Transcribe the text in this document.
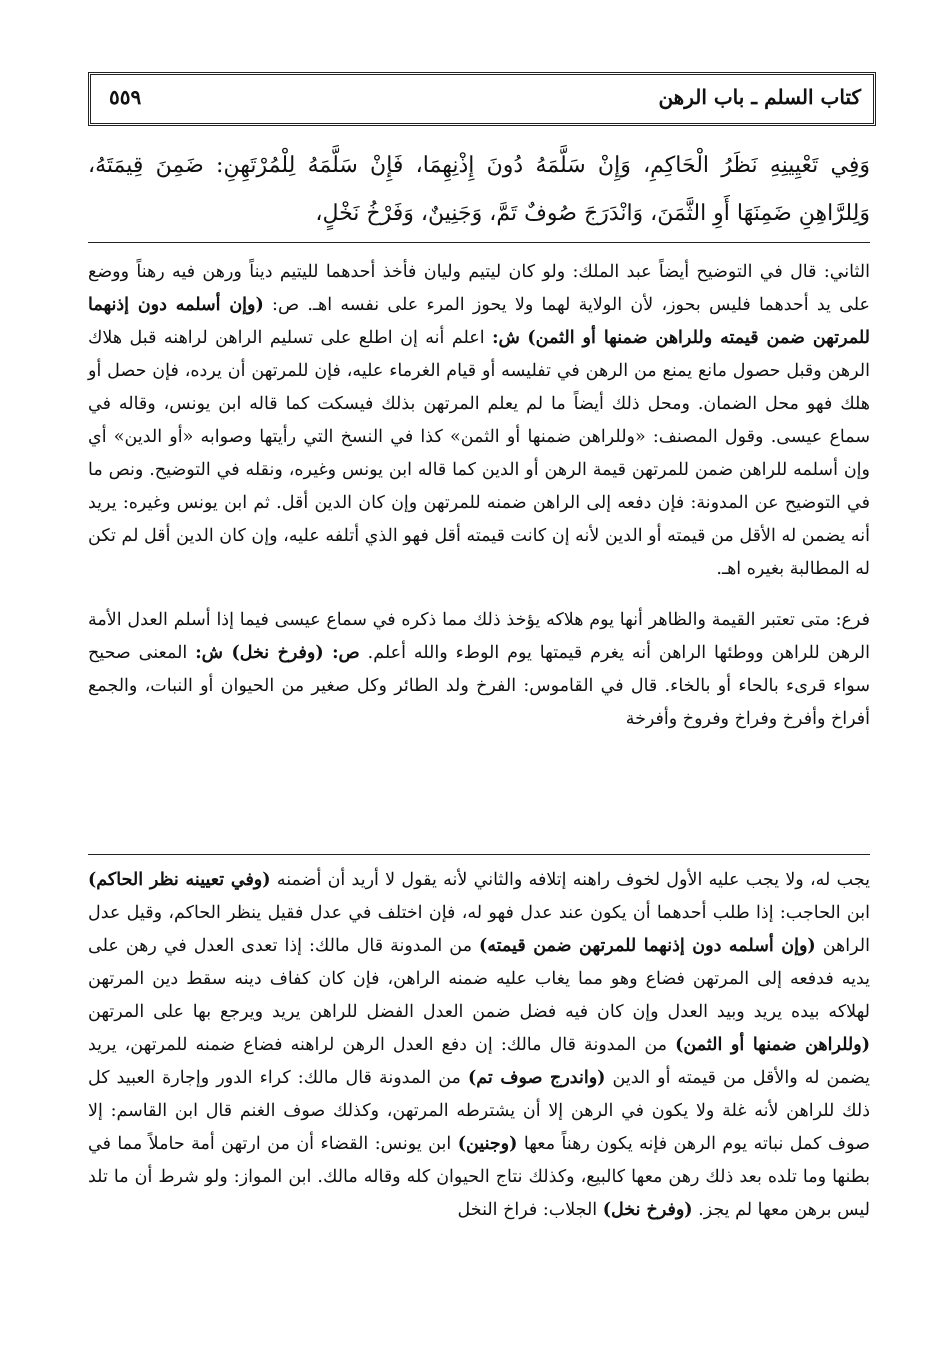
كتاب السلم ـ باب الرهن
٥٥٩
وَفِي تَعْيِينِهِ نَظَرُ الْحَاكِمِ، وَإِنْ سَلَّمَهُ دُونَ إِذْنِهِمَا، فَإِنْ سَلَّمَهُ لِلْمُرْتَهِنِ: ضَمِنَ قِيمَتَهُ، وَلِلرَّاهِنِ ضَمِنَهَا أَوِ الثَّمَنَ، وَانْدَرَجَ صُوفٌ تَمَّ، وَجَنِينٌ، وَفَرْخُ نَخْلٍ،

الثاني: قال في التوضيح أيضاً عبد الملك: ولو كان ليتيم وليان فأخذ أحدهما لليتيم ديناً ورهن فيه رهناً ووضع على يد أحدهما فليس بحوز، لأن الولاية لهما ولا يحوز المرء على نفسه اهـ. ص: (وإن أسلمه دون إذنهما للمرتهن ضمن قيمته وللراهن ضمنها أو الثمن) ش: اعلم أنه إن اطلع على تسليم الراهن لراهنه قبل هلاك الرهن وقبل حصول مانع يمنع من الرهن في تفليسه أو قيام الغرماء عليه، فإن للمرتهن أن يرده، فإن حصل أو هلك فهو محل الضمان. ومحل ذلك أيضاً ما لم يعلم المرتهن بذلك فيسكت كما قاله ابن يونس، وقاله في سماع عيسى. وقول المصنف: «وللراهن ضمنها أو الثمن» كذا في النسخ التي رأيتها وصوابه «أو الدين» أي وإن أسلمه للراهن ضمن للمرتهن قيمة الرهن أو الدين كما قاله ابن يونس وغيره، ونقله في التوضيح. ونص ما في التوضيح عن المدونة: فإن دفعه إلى الراهن ضمنه للمرتهن وإن كان الدين أقل. ثم ابن يونس وغيره: يريد أنه يضمن له الأقل من قيمته أو الدين لأنه إن كانت قيمته أقل فهو الذي أتلفه عليه، وإن كان الدين أقل لم تكن له المطالبة بغيره اهـ.

فرع: متى تعتبر القيمة والظاهر أنها يوم هلاكه يؤخذ ذلك مما ذكره في سماع عيسى فيما إذا أسلم العدل الأمة الرهن للراهن ووطئها الراهن أنه يغرم قيمتها يوم الوطء والله أعلم. ص: (وفرخ نخل) ش: المعنى صحيح سواء قرىء بالحاء أو بالخاء. قال في القاموس: الفرخ ولد الطائر وكل صغير من الحيوان أو النبات، والجمع أفراخ وأفرخ وفراخ وفروخ وأفرخة

يجب له، ولا يجب عليه الأول لخوف راهنه إتلافه والثاني لأنه يقول لا أريد أن أضمنه (وفي تعيينه نظر الحاكم) ابن الحاجب: إذا طلب أحدهما أن يكون عند عدل فهو له، فإن اختلف في عدل فقيل ينظر الحاكم، وقيل عدل الراهن (وإن أسلمه دون إذنهما للمرتهن ضمن قيمته) من المدونة قال مالك: إذا تعدى العدل في رهن على يديه فدفعه إلى المرتهن فضاع وهو مما يغاب عليه ضمنه الراهن، فإن كان كفاف دينه سقط دين المرتهن لهلاكه بيده يريد وبيد العدل وإن كان فيه فضل ضمن العدل الفضل للراهن يريد ويرجع بها على المرتهن (وللراهن ضمنها أو الثمن) من المدونة قال مالك: إن دفع العدل الرهن لراهنه فضاع ضمنه للمرتهن، يريد يضمن له والأقل من قيمته أو الدين (واندرج صوف تم) من المدونة قال مالك: كراء الدور وإجارة العبيد كل ذلك للراهن لأنه غلة ولا يكون في الرهن إلا أن يشترطه المرتهن، وكذلك صوف الغنم قال ابن القاسم: إلا صوف كمل نباته يوم الرهن فإنه يكون رهناً معها (وجنين) ابن يونس: القضاء أن من ارتهن أمة حاملاً مما في بطنها وما تلده بعد ذلك رهن معها كالبيع، وكذلك نتاج الحيوان كله وقاله مالك. ابن المواز: ولو شرط أن ما تلد ليس برهن معها لم يجز. (وفرخ نخل) الجلاب: فراخ النخل
